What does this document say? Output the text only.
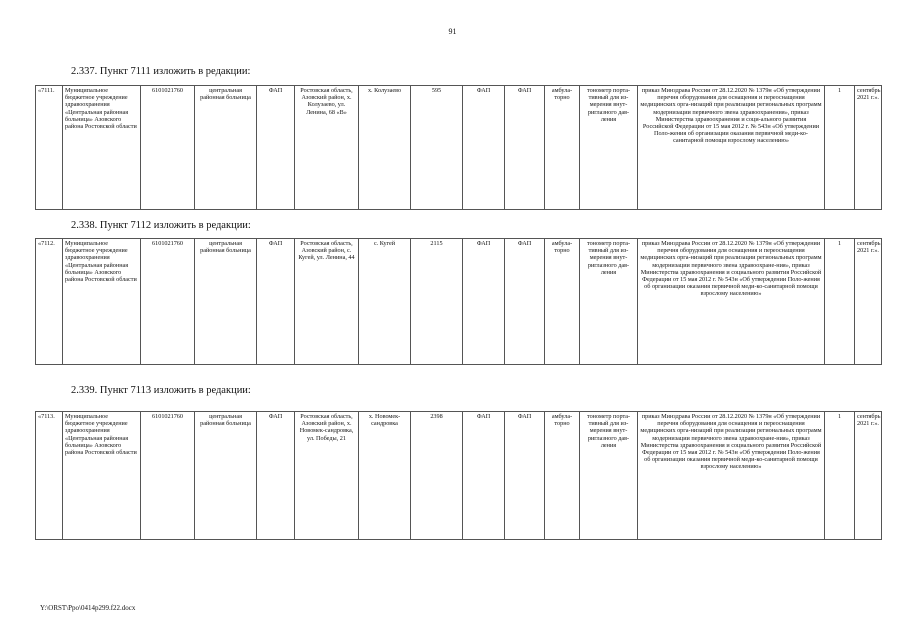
91
2.337. Пункт 7111 изложить в редакции:
«7111.	Муниципальное бюджетное учреждение здравоохранения «Центральная районная больница» Азовского района Ростовской области	6101021760	центральная районная больница	ФАП	Ростовская область, Азовский район, х. Колузаево, ул. Ленина, 68 «В»	х. Колузаево	595	ФАП	ФАП	амбула-торно	тонометр порта-тивный для из-мерения внут-риглазного дав-ления	приказ Минздрава России от 28.12.2020 № 1379н «Об утверждении перечня оборудования для оснащения и переоснащения медицинских орга-низаций при реализации региональных программ модернизации первичного звена здравоохранения», приказ Министерства здравоохранения и соци-ального развития Российской Федерации от 15 мая 2012 г. № 543н «Об утверждении Поло-жения об организации оказания первичной меди-ко-санитарной помощи взрослому населению»	1	сентябрь 2021 г.».
2.338. Пункт 7112 изложить в редакции:
«7112.	Муниципальное бюджетное учреждение здравоохранения «Центральная районная больница» Азовского района Ростовской области	6101021760	центральная районная больница	ФАП	Ростовская область, Азовский район, с. Кугей, ул. Ленина, 44	с. Кугей	2115	ФАП	ФАП	амбула-торно	тонометр порта-тивный для из-мерения внут-риглазного дав-ления	приказ Минздрава России от 28.12.2020 № 1379н «Об утверждении перечня оборудования для оснащения и переоснащения медицинских орга-низаций при реализации региональных программ модернизации первичного звена здравоохране-ния», приказ Министерства здравоохранения и социального развития Российской Федерации от 15 мая 2012 г. № 543н «Об утверждении Поло-жения об организации оказания первичной меди-ко-санитарной помощи взрослому населению»	1	сентябрь 2021 г.».
2.339. Пункт 7113 изложить в редакции:
«7113.	Муниципальное бюджетное учреждение здравоохранения «Центральная районная больница» Азовского района Ростовской области	6101021760	центральная районная больница	ФАП	Ростовская область, Азовский район, х. Новомек-сандровка, ул. Победы, 21	х. Новомек-сандровка	2398	ФАП	ФАП	амбула-торно	тонометр порта-тивный для из-мерения внут-риглазного дав-ления	приказ Минздрава России от 28.12.2020 № 1379н «Об утверждении перечня оборудования для оснащения и переоснащения медицинских орга-низаций при реализации региональных программ модернизации первичного звена здравоохране-ния», приказ Министерства здравоохранения и социального развития Российской Федерации от 15 мая 2012 г. № 543н «Об утверждении Поло-жения об организации оказания первичной меди-ко-санитарной помощи взрослому населению»	1	сентябрь 2021 г.».
Y:\ORST\Ppo\0414p299.f22.docx
